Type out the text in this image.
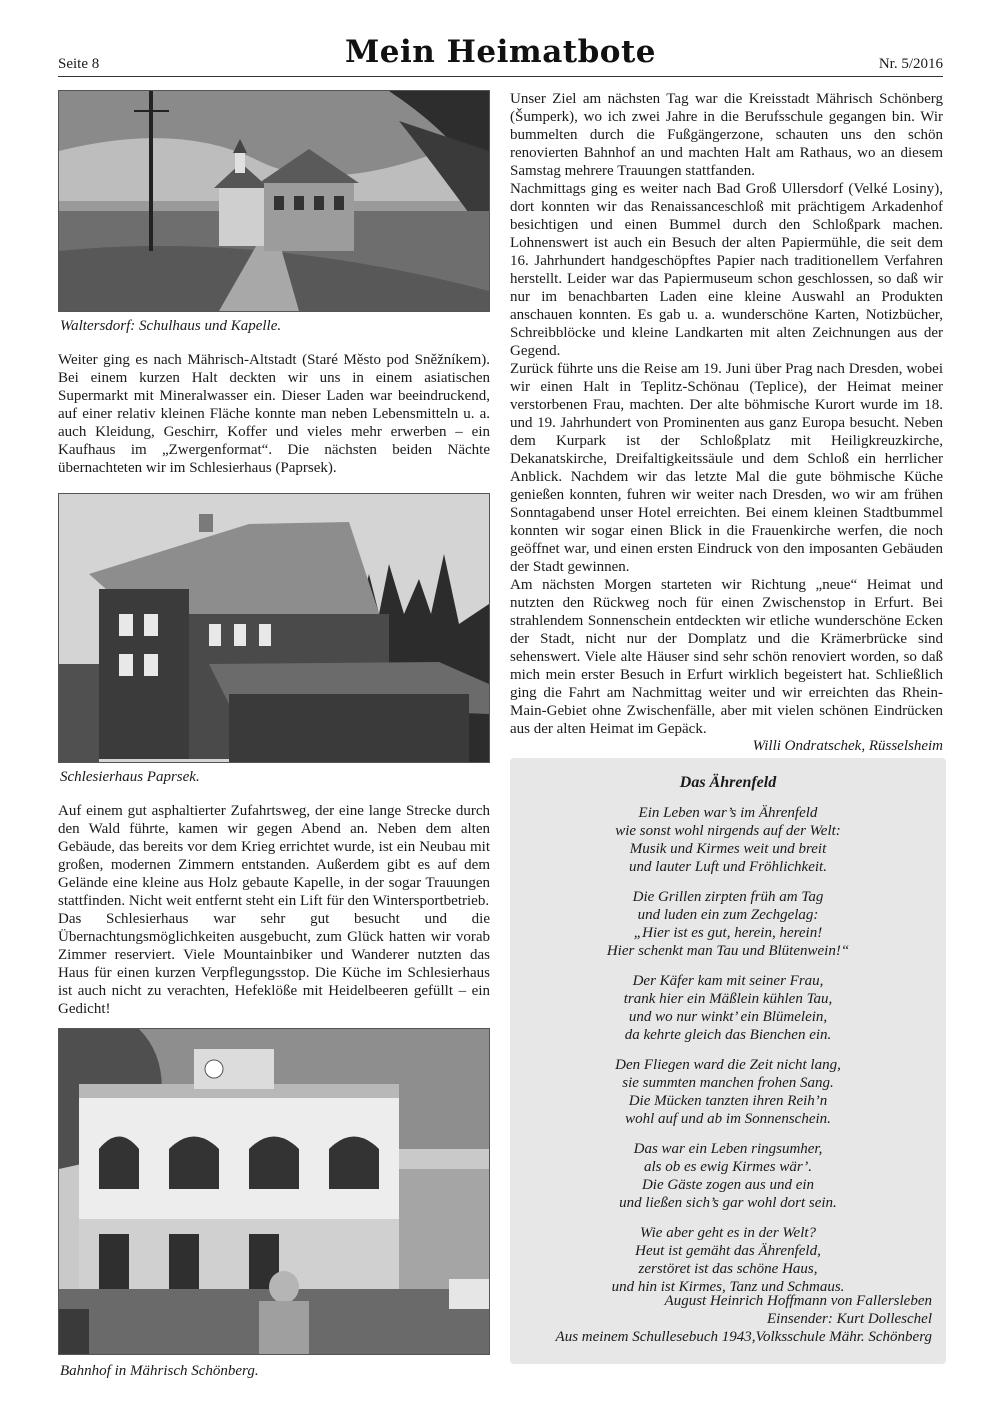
Seite 8	Mein Heimatbote	Nr. 5/2016
Waltersdorf: Schulhaus und Kapelle.

Weiter ging es nach Mährisch-Altstadt (Staré Město pod Sněžníkem). Bei einem kurzen Halt deckten wir uns in einem asiatischen Supermarkt mit Mineralwasser ein. Dieser Laden war beeindruckend, auf einer relativ kleinen Fläche konnte man neben Lebensmitteln u. a. auch Kleidung, Geschirr, Koffer und vieles mehr erwerben – ein Kaufhaus im „Zwergenformat“. Die nächsten beiden Nächte übernachteten wir im Schlesierhaus (Paprsek).

Schlesierhaus Paprsek.

Auf einem gut asphaltierter Zufahrtsweg, der eine lange Strecke durch den Wald führte, kamen wir gegen Abend an. Neben dem alten Gebäude, das bereits vor dem Krieg errichtet wurde, ist ein Neubau mit großen, modernen Zimmern entstanden. Außerdem gibt es auf dem Gelände eine kleine aus Holz gebaute Kapelle, in der sogar Trauungen stattfinden. Nicht weit entfernt steht ein Lift für den Wintersportbetrieb.

Das Schlesierhaus war sehr gut besucht und die Übernachtungsmöglichkeiten ausgebucht, zum Glück hatten wir vorab Zimmer reserviert. Viele Mountainbiker und Wanderer nutzten das Haus für einen kurzen Verpflegungsstop. Die Küche im Schlesierhaus ist auch nicht zu verachten, Hefeklöße mit Heidelbeeren gefüllt – ein Gedicht!

Bahnhof in Mährisch Schönberg.

Unser Ziel am nächsten Tag war die Kreisstadt Mährisch Schönberg (Šumperk), wo ich zwei Jahre in die Berufsschule gegangen bin. Wir bummelten durch die Fußgängerzone, schauten uns den schön renovierten Bahnhof an und machten Halt am Rathaus, wo an diesem Samstag mehrere Trauungen stattfanden.

Nachmittags ging es weiter nach Bad Groß Ullersdorf (Velké Losiny), dort konnten wir das Renaissanceschloß mit prächtigem Arkadenhof besichtigen und einen Bummel durch den Schloßpark machen. Lohnenswert ist auch ein Besuch der alten Papiermühle, die seit dem 16. Jahrhundert handgeschöpftes Papier nach traditionellem Verfahren herstellt. Leider war das Papiermuseum schon geschlossen, so daß wir nur im benachbarten Laden eine kleine Auswahl an Produkten anschauen konnten. Es gab u. a. wunderschöne Karten, Notizbücher, Schreibblöcke und kleine Landkarten mit alten Zeichnungen aus der Gegend.

Zurück führte uns die Reise am 19. Juni über Prag nach Dresden, wobei wir einen Halt in Teplitz-Schönau (Teplice), der Heimat meiner verstorbenen Frau, machten. Der alte böhmische Kurort wurde im 18. und 19. Jahrhundert von Prominenten aus ganz Europa besucht. Neben dem Kurpark ist der Schloßplatz mit Heiligkreuzkirche, Dekanatskirche, Dreifaltigkeitssäule und dem Schloß ein herrlicher Anblick. Nachdem wir das letzte Mal die gute böhmische Küche genießen konnten, fuhren wir weiter nach Dresden, wo wir am frühen Sonntagabend unser Hotel erreichten. Bei einem kleinen Stadtbummel konnten wir sogar einen Blick in die Frauenkirche werfen, die noch geöffnet war, und einen ersten Eindruck von den imposanten Gebäuden der Stadt gewinnen.

Am nächsten Morgen starteten wir Richtung „neue“ Heimat und nutzten den Rückweg noch für einen Zwischenstop in Erfurt. Bei strahlendem Sonnenschein entdeckten wir etliche wunderschöne Ecken der Stadt, nicht nur der Domplatz und die Krämerbrücke sind sehenswert. Viele alte Häuser sind sehr schön renoviert worden, so daß mich mein erster Besuch in Erfurt wirklich begeistert hat. Schließlich ging die Fahrt am Nachmittag weiter und wir erreichten das Rhein-Main-Gebiet ohne Zwischenfälle, aber mit vielen schönen Eindrücken aus der alten Heimat im Gepäck.

Willi Ondratschek, Rüsselsheim
Das Ährenfeld
Ein Leben war’s im Ährenfeld
wie sonst wohl nirgends auf der Welt:
Musik und Kirmes weit und breit
und lauter Luft und Fröhlichkeit.
Die Grillen zirpten früh am Tag
und luden ein zum Zechgelag:
„Hier ist es gut, herein, herein!
Hier schenkt man Tau und Blütenwein!“
Der Käfer kam mit seiner Frau,
trank hier ein Mäßlein kühlen Tau,
und wo nur winkt’ ein Blümelein,
da kehrte gleich das Bienchen ein.
Den Fliegen ward die Zeit nicht lang,
sie summten manchen frohen Sang.
Die Mücken tanzten ihren Reih’n
wohl auf und ab im Sonnenschein.
Das war ein Leben ringsumher,
als ob es ewig Kirmes wär’.
Die Gäste zogen aus und ein
und ließen sich’s gar wohl dort sein.
Wie aber geht es in der Welt?
Heut ist gemäht das Ährenfeld,
zerstöret ist das schöne Haus,
und hin ist Kirmes, Tanz und Schmaus.
August Heinrich Hoffmann von Fallersleben
Einsender: Kurt Dolleschel
Aus meinem Schullesebuch 1943,Volksschule Mähr. Schönberg
